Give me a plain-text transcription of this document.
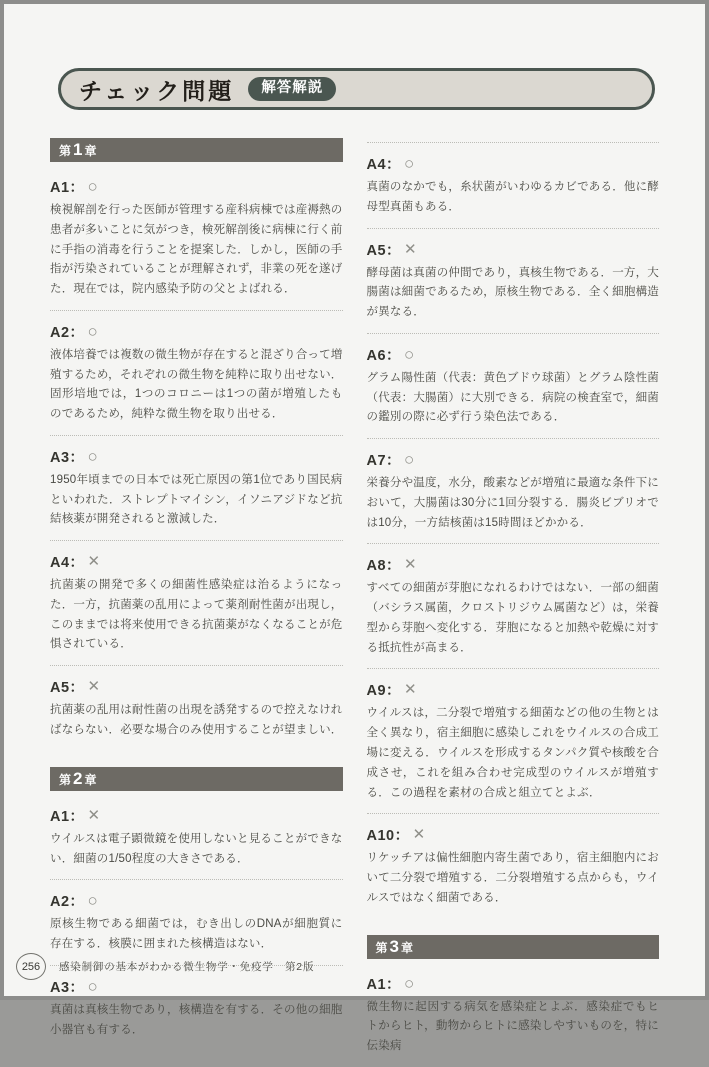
チェック問題	解答解説
第 1 章
A1： ○

検視解剖を行った医師が管理する産科病棟では産褥熱の患者が多いことに気がつき，検死解剖後に病棟に行く前に手指の消毒を行うことを提案した．しかし，医師の手指が汚染されていることが理解されず，非業の死を遂げた．現在では，院内感染予防の父とよばれる．

A2： ○

液体培養では複数の微生物が存在すると混ざり合って増殖するため，それぞれの微生物を純粋に取り出せない．固形培地では，1つのコロニーは1つの菌が増殖したものであるため，純粋な微生物を取り出せる．

A3： ○

1950年頃までの日本では死亡原因の第1位であり国民病といわれた．ストレプトマイシン，イソニアジドなど抗結核薬が開発されると激減した．

A4： ✕

抗菌薬の開発で多くの細菌性感染症は治るようになった．一方，抗菌薬の乱用によって薬剤耐性菌が出現し，このままでは将来使用できる抗菌薬がなくなることが危惧されている．

A5： ✕

抗菌薬の乱用は耐性菌の出現を誘発するので控えなければならない．必要な場合のみ使用することが望ましい．

第 2 章
A1： ✕

ウイルスは電子顕微鏡を使用しないと見ることができない．細菌の1/50程度の大きさである．

A2： ○

原核生物である細菌では，むき出しのDNAが細胞質に存在する．核膜に囲まれた核構造はない．

A3： ○

真菌は真核生物であり，核構造を有する．その他の細胞小器官も有する．

A4： ○

真菌のなかでも，糸状菌がいわゆるカビである．他に酵母型真菌もある．

A5： ✕

酵母菌は真菌の仲間であり，真核生物である．一方，大腸菌は細菌であるため，原核生物である．全く細胞構造が異なる．

A6： ○

グラム陽性菌（代表：黄色ブドウ球菌）とグラム陰性菌（代表：大腸菌）に大別できる．病院の検査室で，細菌の鑑別の際に必ず行う染色法である．

A7： ○

栄養分や温度，水分，酸素などが増殖に最適な条件下において，大腸菌は30分に1回分裂する．腸炎ビブリオでは10分，一方結核菌は15時間ほどかかる．

A8： ✕

すべての細菌が芽胞になれるわけではない．一部の細菌（バシラス属菌，クロストリジウム属菌など）は，栄養型から芽胞へ変化する．芽胞になると加熱や乾燥に対する抵抗性が高まる．

A9： ✕

ウイルスは，二分裂で増殖する細菌などの他の生物とは全く異なり，宿主細胞に感染しこれをウイルスの合成工場に変える．ウイルスを形成するタンパク質や核酸を合成させ，これを組み合わせ完成型のウイルスが増殖する．この過程を素材の合成と組立てとよぶ．

A10： ✕

リケッチアは偏性細胞内寄生菌であり，宿主細胞内において二分裂で増殖する．二分裂増殖する点からも，ウイルスではなく細菌である．

第 3 章
A1： ○

微生物に起因する病気を感染症とよぶ．感染症でもヒトからヒト，動物からヒトに感染しやすいものを，特に伝染病

256	感染制御の基本がわかる微生物学・免疫学　第2版
